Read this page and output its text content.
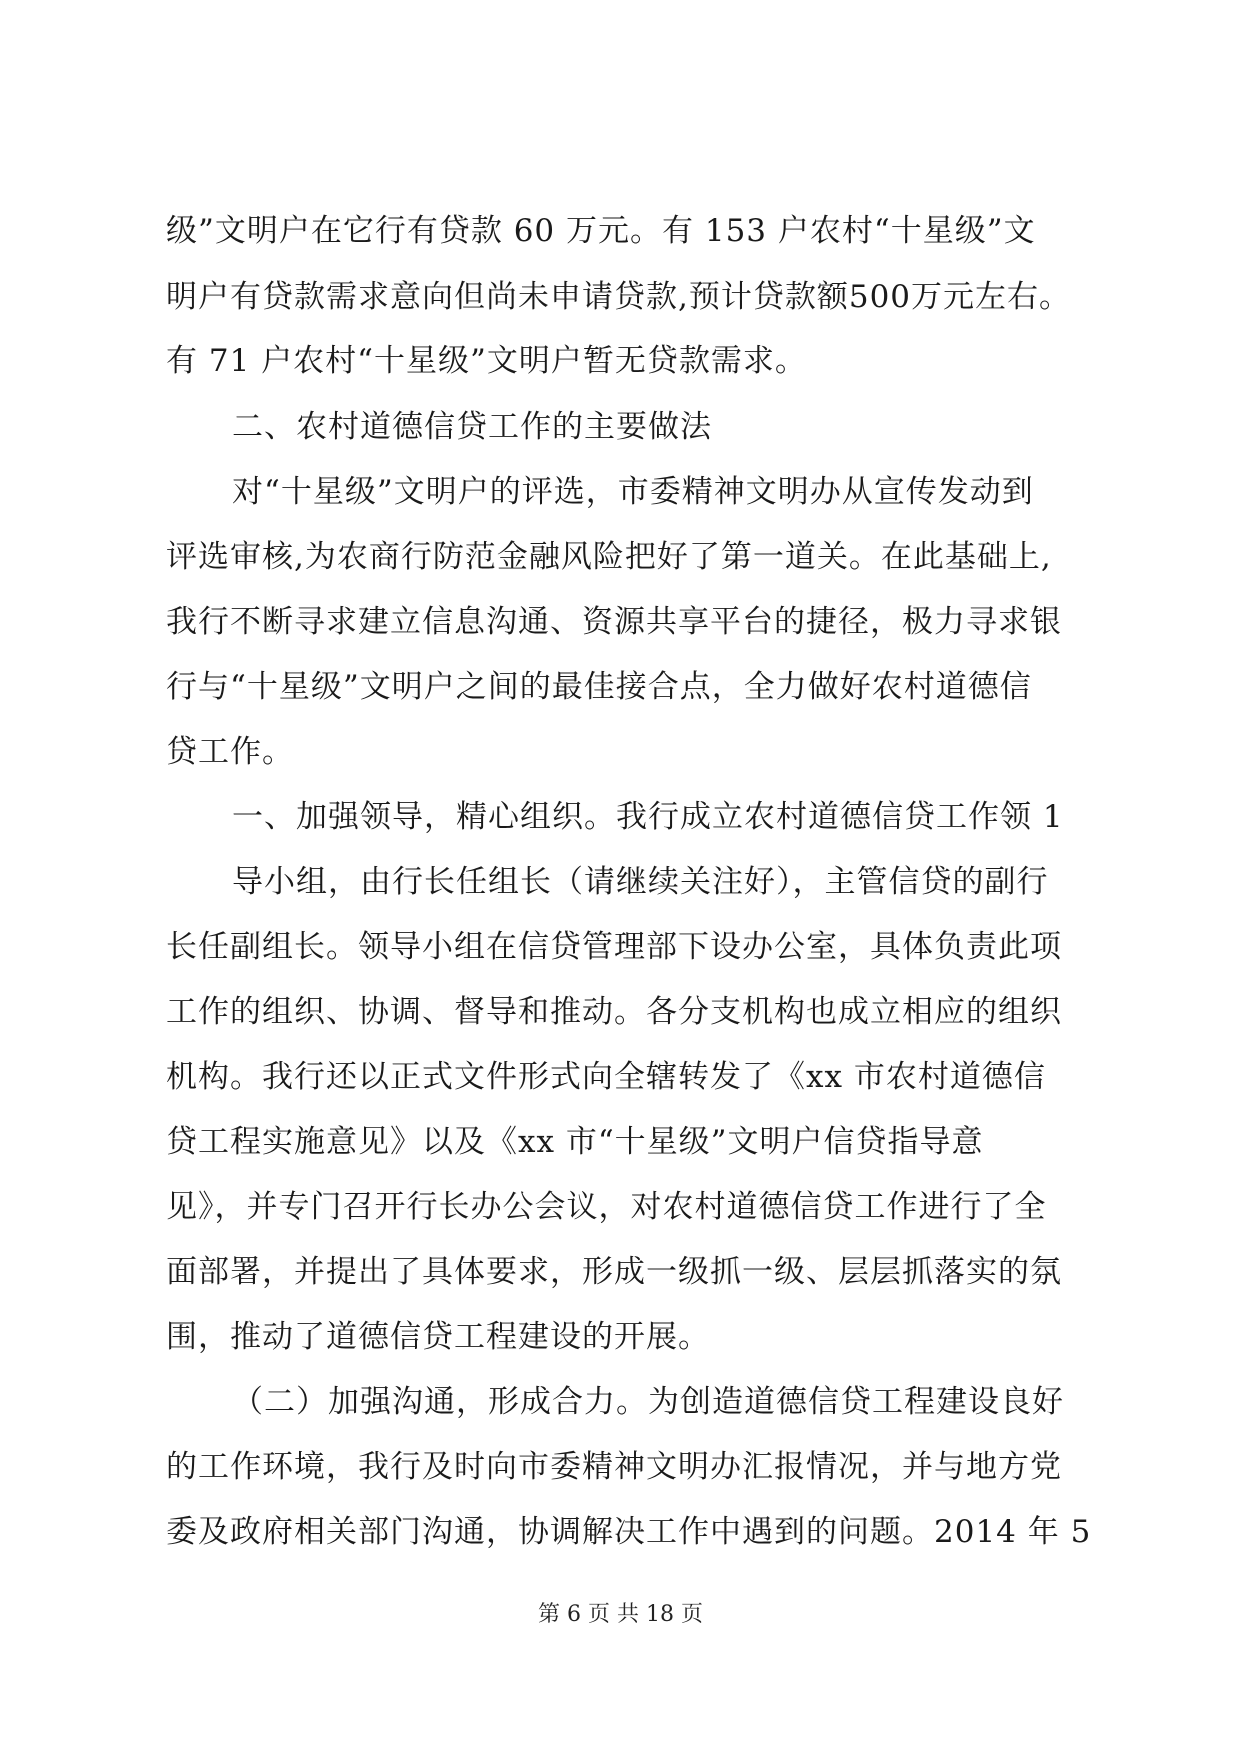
级”文明户在它行有贷款 60 万元。有 153 户农村“十星级”文
明户有贷款需求意向但尚未申请贷款,预计贷款额500万元左右。
有 71 户农村“十星级”文明户暂无贷款需求。
二、农村道德信贷工作的主要做法
对“十星级”文明户的评选，市委精神文明办从宣传发动到
评选审核,为农商行防范金融风险把好了第一道关。在此基础上,
我行不断寻求建立信息沟通、资源共享平台的捷径，极力寻求银
行与“十星级”文明户之间的最佳接合点，全力做好农村道德信
贷工作。
一、加强领导，精心组织。我行成立农村道德信贷工作领 1
导小组，由行长任组长（请继续关注好），主管信贷的副行
长任副组长。领导小组在信贷管理部下设办公室，具体负责此项
工作的组织、协调、督导和推动。各分支机构也成立相应的组织
机构。我行还以正式文件形式向全辖转发了《xx 市农村道德信
贷工程实施意见》以及《xx 市“十星级”文明户信贷指导意
见》，并专门召开行长办公会议，对农村道德信贷工作进行了全
面部署，并提出了具体要求，形成一级抓一级、层层抓落实的氛
围，推动了道德信贷工程建设的开展。
（二）加强沟通，形成合力。为创造道德信贷工程建设良好
的工作环境，我行及时向市委精神文明办汇报情况，并与地方党
委及政府相关部门沟通，协调解决工作中遇到的问题。2014 年 5
第 6 页 共 18 页
